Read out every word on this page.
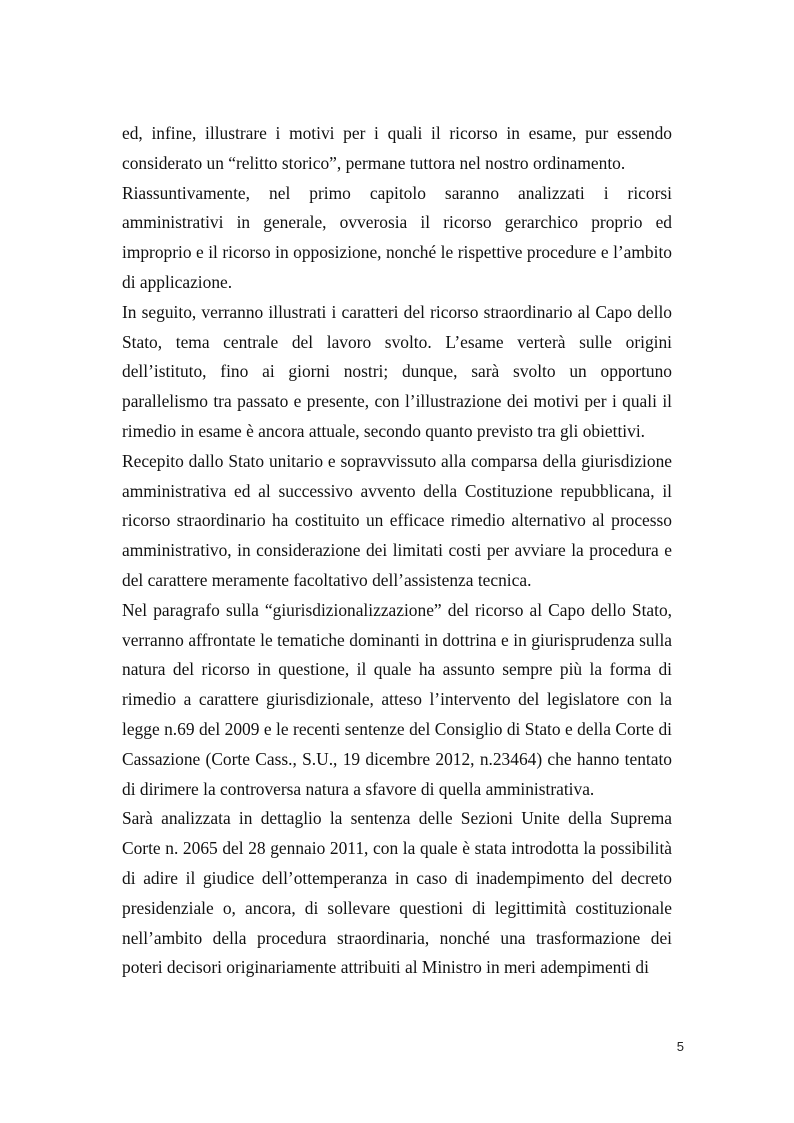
ed, infine, illustrare i motivi per i quali il ricorso in esame, pur essendo considerato un “relitto storico”, permane tuttora nel nostro ordinamento.

Riassuntivamente, nel primo capitolo saranno analizzati i ricorsi amministrativi in generale, ovverosia il ricorso gerarchico proprio ed improprio e il ricorso in opposizione, nonché le rispettive procedure e l’ambito di applicazione.

In seguito, verranno illustrati i caratteri del ricorso straordinario al Capo dello Stato, tema centrale del lavoro svolto. L’esame verterà sulle origini dell’istituto, fino ai giorni nostri; dunque, sarà svolto un opportuno parallelismo tra passato e presente, con l’illustrazione dei motivi per i quali il rimedio in esame è ancora attuale, secondo quanto previsto tra gli obiettivi.

Recepito dallo Stato unitario e sopravvissuto alla comparsa della giurisdizione amministrativa ed al successivo avvento della Costituzione repubblicana, il ricorso straordinario ha costituito un efficace rimedio alternativo al processo amministrativo, in considerazione dei limitati costi per avviare la procedura e del carattere meramente facoltativo dell’assistenza tecnica.

Nel paragrafo sulla “giurisdizionalizzazione” del ricorso al Capo dello Stato, verranno affrontate le tematiche dominanti in dottrina e in giurisprudenza sulla natura del ricorso in questione, il quale ha assunto sempre più la forma di rimedio a carattere giurisdizionale, atteso l’intervento del legislatore con la legge n.69 del 2009 e le recenti sentenze del Consiglio di Stato e della Corte di Cassazione (Corte Cass., S.U., 19 dicembre 2012, n.23464) che hanno tentato di dirimere la controversa natura a sfavore di quella amministrativa.

Sarà analizzata in dettaglio la sentenza delle Sezioni Unite della Suprema Corte n. 2065 del 28 gennaio 2011, con la quale è stata introdotta la possibilità di adire il giudice dell’ottemperanza in caso di inadempimento del decreto presidenziale o, ancora, di sollevare questioni di legittimità costituzionale nell’ambito della procedura straordinaria, nonché una trasformazione dei poteri decisori originariamente attribuiti al Ministro in meri adempimenti di

5
